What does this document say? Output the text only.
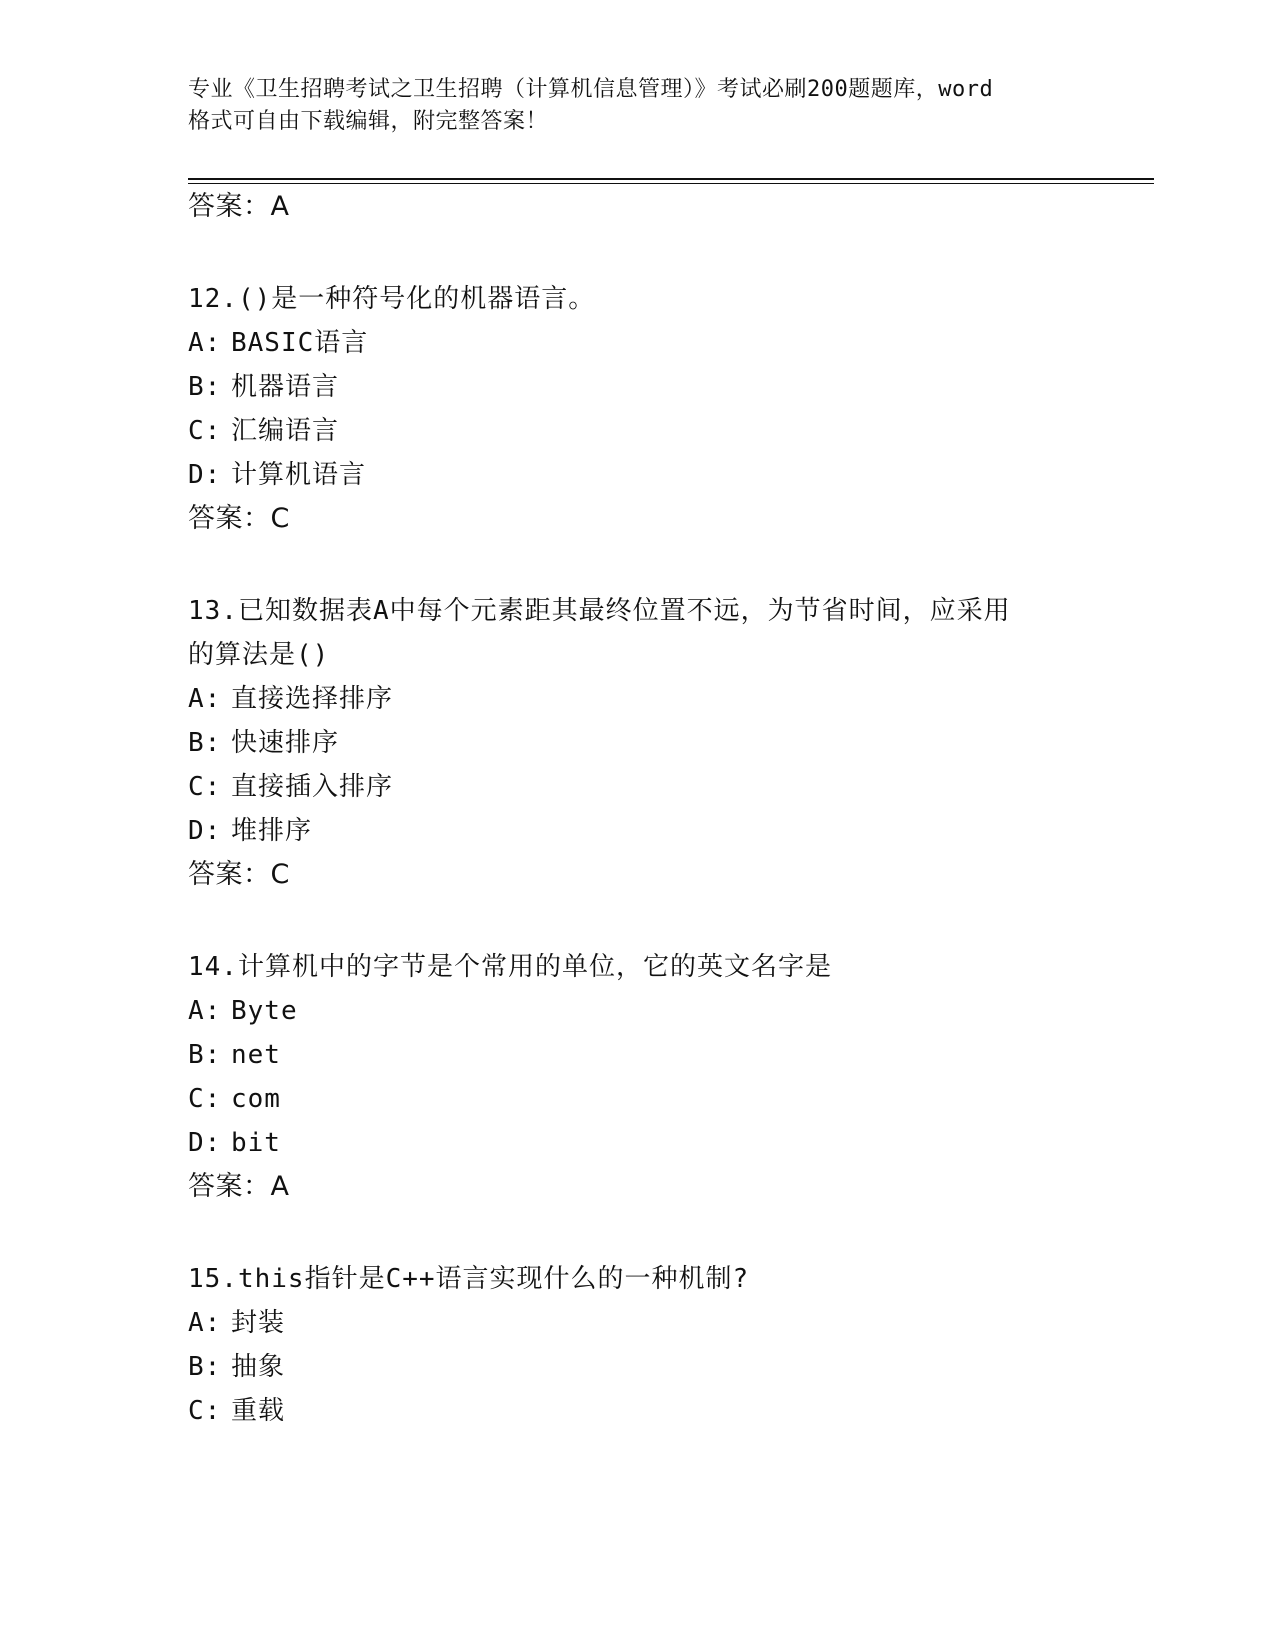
专业《卫生招聘考试之卫生招聘（计算机信息管理）》考试必刷200题题库，word
格式可自由下载编辑，附完整答案！
答案：A
12.()是一种符号化的机器语言。
A: BASIC语言
B: 机器语言
C: 汇编语言
D: 计算机语言
答案：C
13.已知数据表A中每个元素距其最终位置不远，为节省时间，应采用
的算法是()
A: 直接选择排序
B: 快速排序
C: 直接插入排序
D: 堆排序
答案：C
14.计算机中的字节是个常用的单位，它的英文名字是
A: Byte
B: net
C: com
D: bit
答案：A
15.this指针是C++语言实现什么的一种机制?
A: 封装
B: 抽象
C: 重载
